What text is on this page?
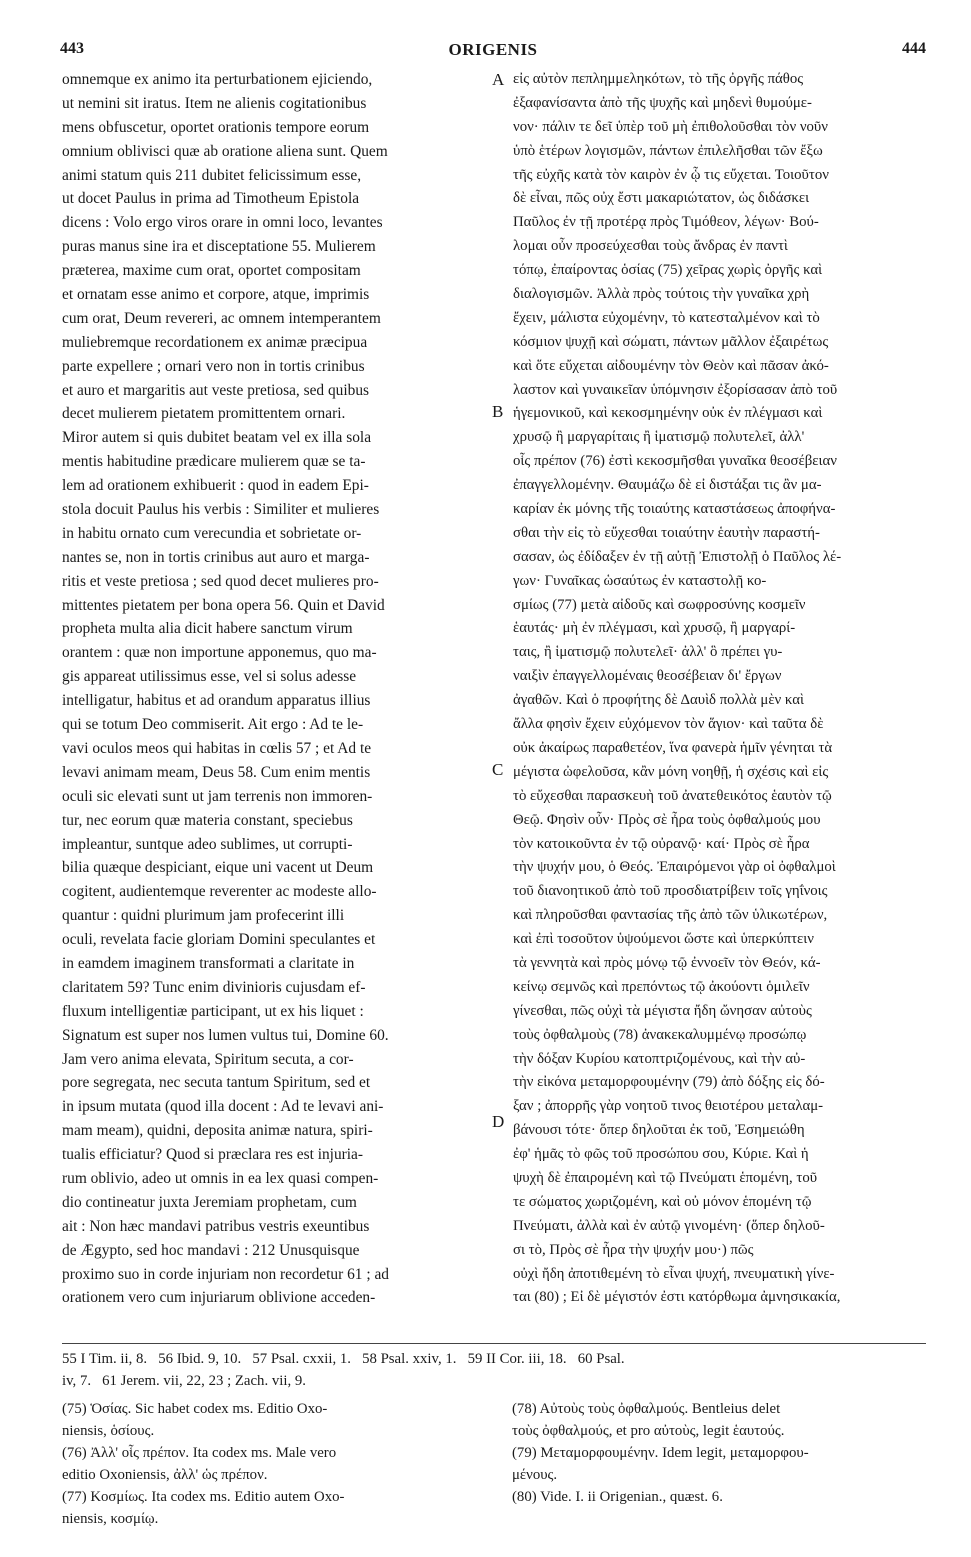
443	ORIGENIS	444
omnemque ex animo ita perturbationem ejiciendo,
ut nemini sit iratus. Item ne alienis cogitationibus
mens obfuscetur, oportet orationis tempore eorum
omnium oblivisci quæ ab oratione aliena sunt. Quem
animi statum quis 211 dubitet felicissimum esse,
ut docet Paulus in prima ad Timotheum Epistola
dicens : Volo ergo viros orare in omni loco, levantes
puras manus sine ira et disceptatione 55. Mulierem
præterea, maxime cum orat, oportet compositam
et ornatam esse animo et corpore, atque, imprimis
cum orat, Deum revereri, ac omnem intemperantem
muliebremque recordationem ex animæ præcipua
parte expellere ; ornari vero non in tortis crinibus
et auro et margaritis aut veste pretiosa, sed quibus
decet mulierem pietatem promittentem ornari.
Miror autem si quis dubitet beatam vel ex illa sola
mentis habitudine prædicare mulierem quæ se ta-
lem ad orationem exhibuerit : quod in eadem Epi-
stola docuit Paulus his verbis : Similiter et mulieres
in habitu ornato cum verecundia et sobrietate or-
nantes se, non in tortis crinibus aut auro et marga-
ritis et veste pretiosa ; sed quod decet mulieres pro-
mittentes pietatem per bona opera 56. Quin et David
propheta multa alia dicit habere sanctum virum
orantem : quæ non importune apponemus, quo ma-
gis appareat utilissimus esse, vel si solus adesse
intelligatur, habitus et ad orandum apparatus illius
qui se totum Deo commiserit. Ait ergo : Ad te le-
vavi oculos meos qui habitas in cœlis 57 ; et Ad te
levavi animam meam, Deus 58. Cum enim mentis
oculi sic elevati sunt ut jam terrenis non immoren-
tur, nec eorum quæ materia constant, speciebus
impleantur, suntque adeo sublimes, ut corrupti-
bilia quæque despiciant, eique uni vacent ut Deum
cogitent, audientemque reverenter ac modeste allo-
quantur : quidni plurimum jam profecerint illi
oculi, revelata facie gloriam Domini speculantes et
in eamdem imaginem transformati a claritate in
claritatem 59? Tunc enim divinioris cujusdam ef-
fluxum intelligentiæ participant, ut ex his liquet :
Signatum est super nos lumen vultus tui, Domine 60.
Jam vero anima elevata, Spiritum secuta, a cor-
pore segregata, nec secuta tantum Spiritum, sed et
in ipsum mutata (quod illa docent : Ad te levavi ani-
mam meam), quidni, deposita animæ natura, spiri-
tualis efficiatur? Quod si præclara res est injuria-
rum oblivio, adeo ut omnis in ea lex quasi compen-
dio contineatur juxta Jeremiam prophetam, cum
ait : Non hæc mandavi patribus vestris exeuntibus
de Ægypto, sed hoc mandavi : 212 Unusquisque
proximo suo in corde injuriam non recordetur 61 ; ad
orationem vero cum injuriarum oblivione acceden-
εἰς αὐτὸν πεπλημμεληκότων, τὸ τῆς ὀργῆς πάθος
ἐξαφανίσαντα ἀπὸ τῆς ψυχῆς καὶ μηδενὶ θυμούμε-
νον· πάλιν τε δεῖ ὑπὲρ τοῦ μὴ ἐπιθολοῦσθαι τὸν νοῦν
ὑπὸ ἑτέρων λογισμῶν, πάντων ἐπιλελῆσθαι τῶν ἔξω
τῆς εὐχῆς κατὰ τὸν καιρὸν ἐν ᾧ τις εὔχεται. Τοιοῦτον
δὲ εἶναι, πῶς οὐχ ἔστι μακαριώτατον, ὡς διδάσκει
Παῦλος ἐν τῇ προτέρᾳ πρὸς Τιμόθεον, λέγων· Βού-
λομαι οὖν προσεύχεσθαι τοὺς ἄνδρας ἐν παντὶ
τόπῳ, ἐπαίροντας ὁσίας (75) χεῖρας χωρὶς ὀργῆς καὶ
διαλογισμῶν. Ἀλλὰ πρὸς τούτοις τὴν γυναῖκα χρὴ
ἔχειν, μάλιστα εὐχομένην, τὸ κατεσταλμένον καὶ τὸ
κόσμιον ψυχῇ καὶ σώματι, πάντων μᾶλλον ἐξαιρέτως
καὶ ὅτε εὔχεται αἰδουμένην τὸν Θεὸν καὶ πᾶσαν ἀκό-
λαστον καὶ γυναικεῖαν ὑπόμνησιν ἐξορίσασαν ἀπὸ τοῦ
ἡγεμονικοῦ, καὶ κεκοσμημένην οὐκ ἐν πλέγμασι καὶ
χρυσῷ ἢ μαργαρίταις ἢ ἱματισμῷ πολυτελεῖ, ἀλλ'
οἷς πρέπον (76) ἐστὶ κεκοσμῆσθαι γυναῖκα θεοσέβειαν
ἐπαγγελλομένην. Θαυμάζω δὲ εἰ διστάξαι τις ἂν μα-
καρίαν ἐκ μόνης τῆς τοιαύτης καταστάσεως ἀποφήνα-
σθαι τὴν εἰς τὸ εὔχεσθαι τοιαύτην ἑαυτὴν παραστή-
σασαν, ὡς ἐδίδαξεν ἐν τῇ αὐτῇ Ἐπιστολῇ ὁ Παῦλος λέ-
γων· Γυναῖκας ὡσαύτως ἐν καταστολῇ κο-
σμίως (77) μετὰ αἰδοῦς καὶ σωφροσύνης κοσμεῖν
ἑαυτάς· μὴ ἐν πλέγμασι, καὶ χρυσῷ, ἢ μαργαρί-
ταις, ἢ ἱματισμῷ πολυτελεῖ· ἀλλ' ὃ πρέπει γυ-
ναιξὶν ἐπαγγελλομέναις θεοσέβειαν δι' ἔργων
ἀγαθῶν. Καὶ ὁ προφήτης δὲ Δαυὶδ πολλὰ μὲν καὶ
ἄλλα φησὶν ἔχειν εὐχόμενον τὸν ἅγιον· καὶ ταῦτα δὲ
οὐκ ἀκαίρως παραθετέον, ἵνα φανερὰ ἡμῖν γένηται τὰ
μέγιστα ὠφελοῦσα, κἂν μόνη νοηθῇ, ἡ σχέσις καὶ εἰς
τὸ εὔχεσθαι παρασκευὴ τοῦ ἀνατεθεικότος ἑαυτὸν τῷ
Θεῷ. Φησὶν οὖν· Πρὸς σὲ ἦρα τοὺς ὀφθαλμούς μου
τὸν κατοικοῦντα ἐν τῷ οὐρανῷ· καί· Πρὸς σὲ ἦρα
τὴν ψυχήν μου, ὁ Θεός. Ἐπαιρόμενοι γὰρ οἱ ὀφθαλμοὶ
τοῦ διανοητικοῦ ἀπὸ τοῦ προσδιατρίβειν τοῖς γηΐνοις
καὶ πληροῦσθαι φαντασίας τῆς ἀπὸ τῶν ὑλικωτέρων,
καὶ ἐπὶ τοσοῦτον ὑψούμενοι ὥστε καὶ ὑπερκύπτειν
τὰ γεννητὰ καὶ πρὸς μόνῳ τῷ ἐννοεῖν τὸν Θεόν, κά-
κείνῳ σεμνῶς καὶ πρεπόντως τῷ ἀκούοντι ὁμιλεῖν
γίνεσθαι, πῶς οὐχὶ τὰ μέγιστα ἤδη ὤνησαν αὐτοὺς
τοὺς ὀφθαλμοὺς (78) ἀνακεκαλυμμένῳ προσώπῳ
τὴν δόξαν Κυρίου κατοπτριζομένους, καὶ τὴν αὐ-
τὴν εἰκόνα μεταμορφουμένην (79) ἀπὸ δόξης εἰς δό-
ξαν ; ἀπορρῆς γὰρ νοητοῦ τινος θειοτέρου μεταλαμ-
βάνουσι τότε· ὅπερ δηλοῦται ἐκ τοῦ, Ἐσημειώθη
ἐφ' ἡμᾶς τὸ φῶς τοῦ προσώπου σου, Κύριε. Καὶ ἡ
ψυχὴ δὲ ἐπαιρομένη καὶ τῷ Πνεύματι ἑπομένη, τοῦ
τε σώματος χωριζομένη, καὶ οὐ μόνον ἑπομένη τῷ
Πνεύματι, ἀλλὰ καὶ ἐν αὐτῷ γινομένη· (ὅπερ δηλοῦ-
σι τὸ, Πρὸς σὲ ἦρα τὴν ψυχήν μου·) πῶς
οὐχὶ ἤδη ἀποτιθεμένη τὸ εἶναι ψυχή, πνευματικὴ γίνε-
ται (80) ; Εἰ δὲ μέγιστόν ἐστι κατόρθωμα ἀμνησικακία,
A
B
C
D
55 I Tim. ii, 8.   56 Ibid. 9, 10.   57 Psal. cxxii, 1.   58 Psal. xxiv, 1.   59 II Cor. iii, 18.   60 Psal.
iv, 7.   61 Jerem. vii, 22, 23 ; Zach. vii, 9.
(75) Ὁσίας. Sic habet codex ms. Editio Oxo-
niensis, ὁσίους.
(76) Ἀλλ' οἷς πρέπον. Ita codex ms. Male vero
editio Oxoniensis, ἀλλ' ὡς πρέπον.
(77) Κοσμίως. Ita codex ms. Editio autem Oxo-
niensis, κοσμίῳ.
(78) Αὐτοὺς τοὺς ὀφθαλμούς. Bentleius delet
τοὺς ὀφθαλμούς, et pro αὐτοὺς, legit ἑαυτούς.
(79) Μεταμορφουμένην. Idem legit, μεταμορφου-
μένους.
(80) Vide. I. ii Origenian., quæst. 6.
